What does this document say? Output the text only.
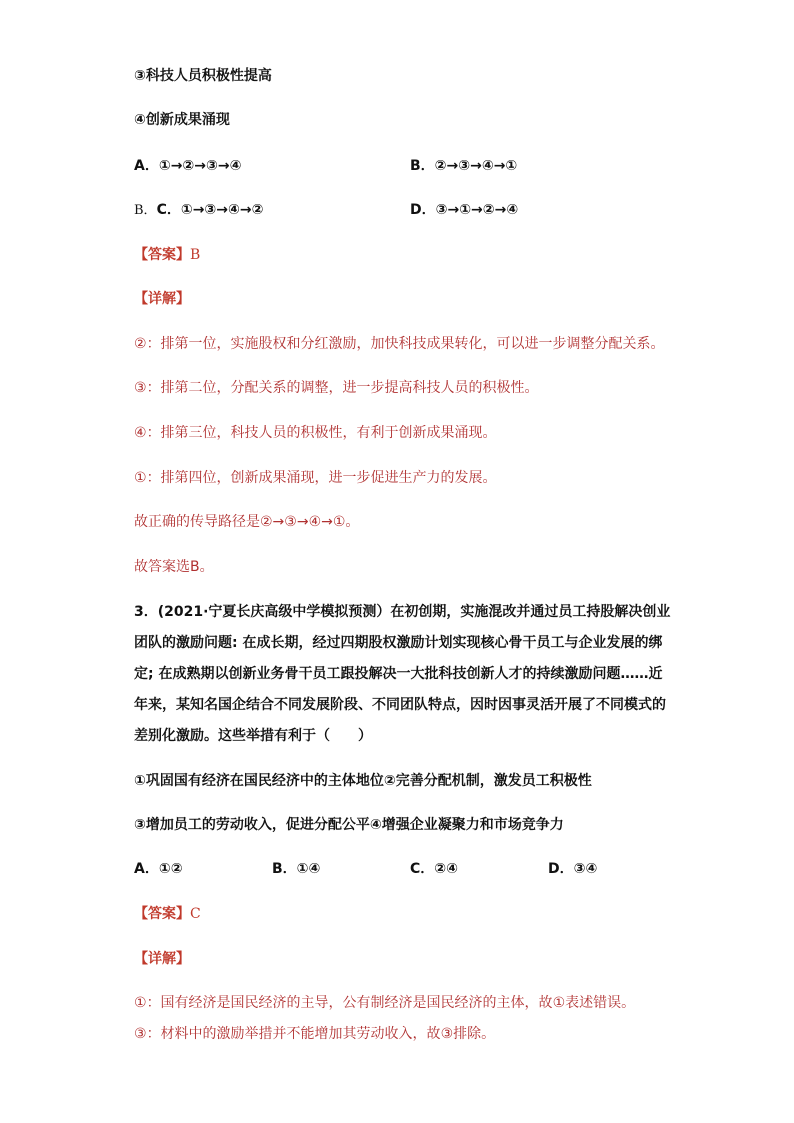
③科技人员积极性提高
④创新成果涌现
A．①→②→③→④	B．②→③→④→①
B．C．①→③→④→②	D．③→①→②→④
【答案】B
【详解】
②：排第一位，实施股权和分红激励，加快科技成果转化，可以进一步调整分配关系。
③：排第二位，分配关系的调整，进一步提高科技人员的积极性。
④：排第三位，科技人员的积极性，有利于创新成果涌现。
①：排第四位，创新成果涌现，进一步促进生产力的发展。
故正确的传导路径是②→③→④→①。
故答案选B。
3．(2021·宁夏长庆高级中学模拟预测）在初创期，实施混改并通过员工持股解决创业
团队的激励问题: 在成长期，经过四期股权激励计划实现核心骨干员工与企业发展的绑
定; 在成熟期以创新业务骨干员工跟投解决一大批科技创新人才的持续激励问题……近
年来，某知名国企结合不同发展阶段、不同团队特点，因时因事灵活开展了不同模式的
差别化激励。这些举措有利于（　　）
①巩固国有经济在国民经济中的主体地位②完善分配机制，激发员工积极性
③增加员工的劳动收入，促进分配公平④增强企业凝聚力和市场竞争力
A．①②	B．①④	C．②④	D．③④
【答案】C
【详解】
①：国有经济是国民经济的主导，公有制经济是国民经济的主体，故①表述错误。
③：材料中的激励举措并不能增加其劳动收入，故③排除。
